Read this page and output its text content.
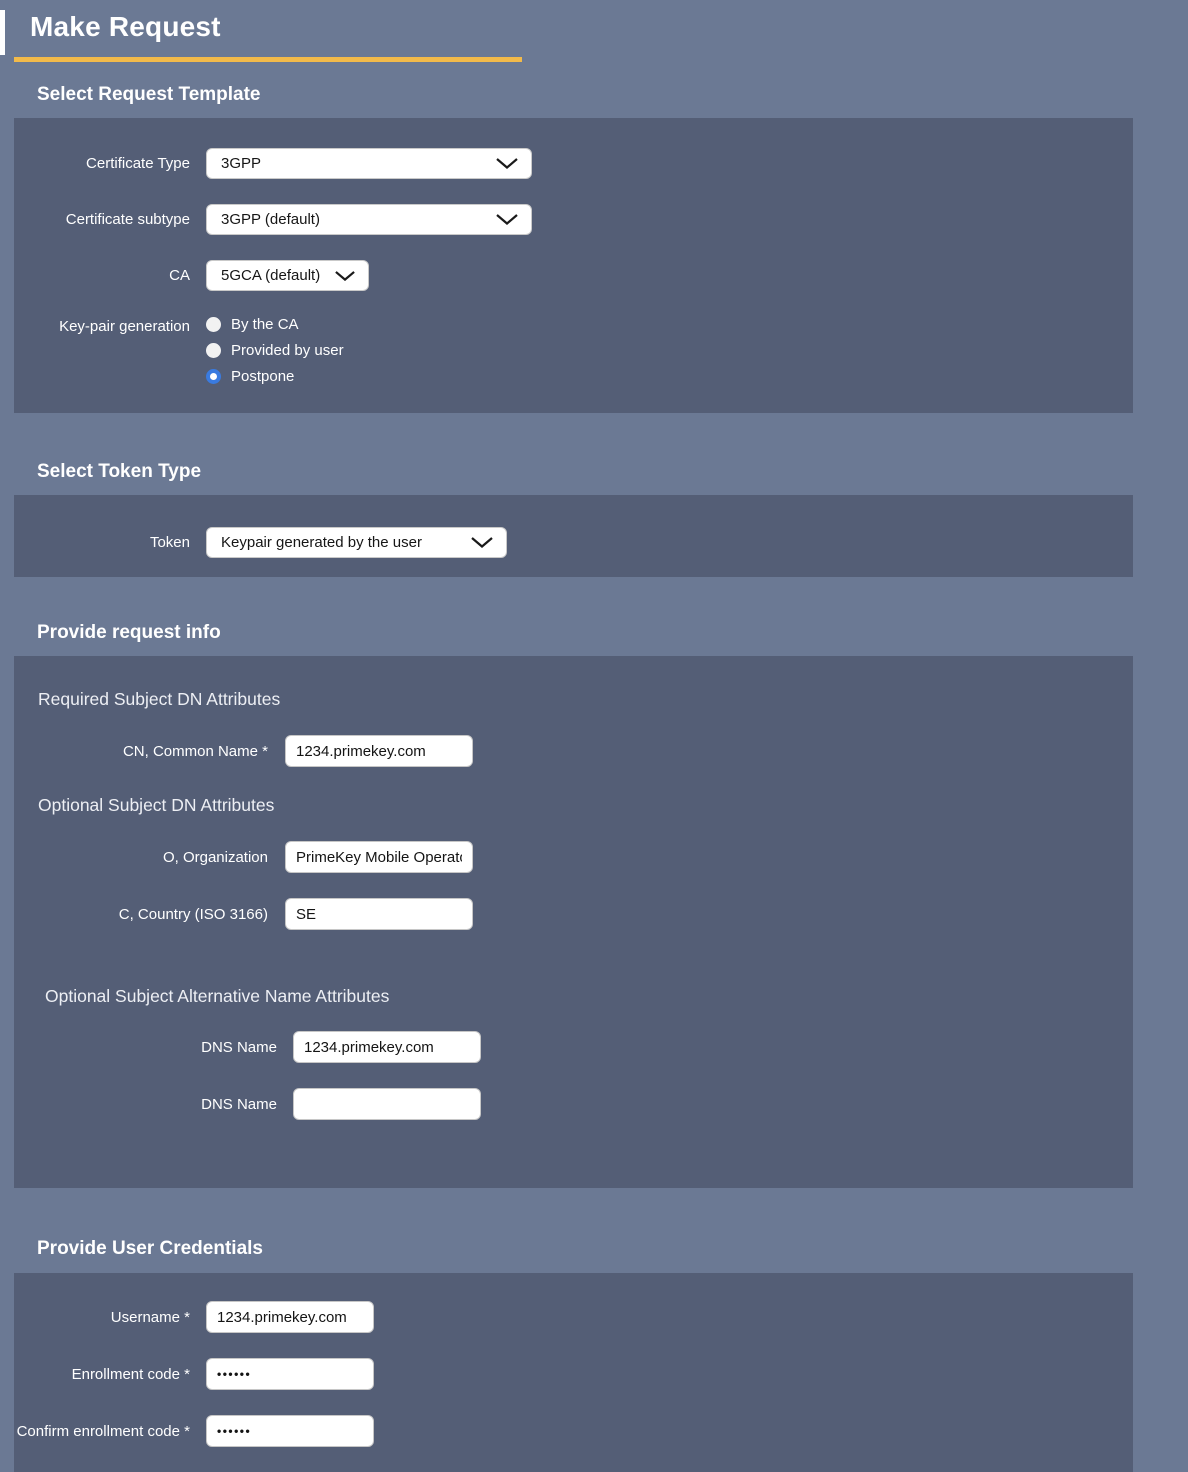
Make Request
Select Request Template
Certificate Type 3GPP
Certificate subtype 3GPP (default)
CA 5GCA (default)
Key-pair generation	By the CA
Provided by user
Postpone
Select Token Type
Token Keypair generated by the user
Provide request info
Required Subject DN Attributes
CN, Common Name *
1234.primekey.com
Optional Subject DN Attributes
O, Organization
PrimeKey Mobile Operator
C, Country (ISO 3166)
SE
Optional Subject Alternative Name Attributes
DNS Name
1234.primekey.com
DNS Name
Provide User Credentials
Username *
1234.primekey.com
Enrollment code *
••••••
Confirm enrollment code *
••••••
